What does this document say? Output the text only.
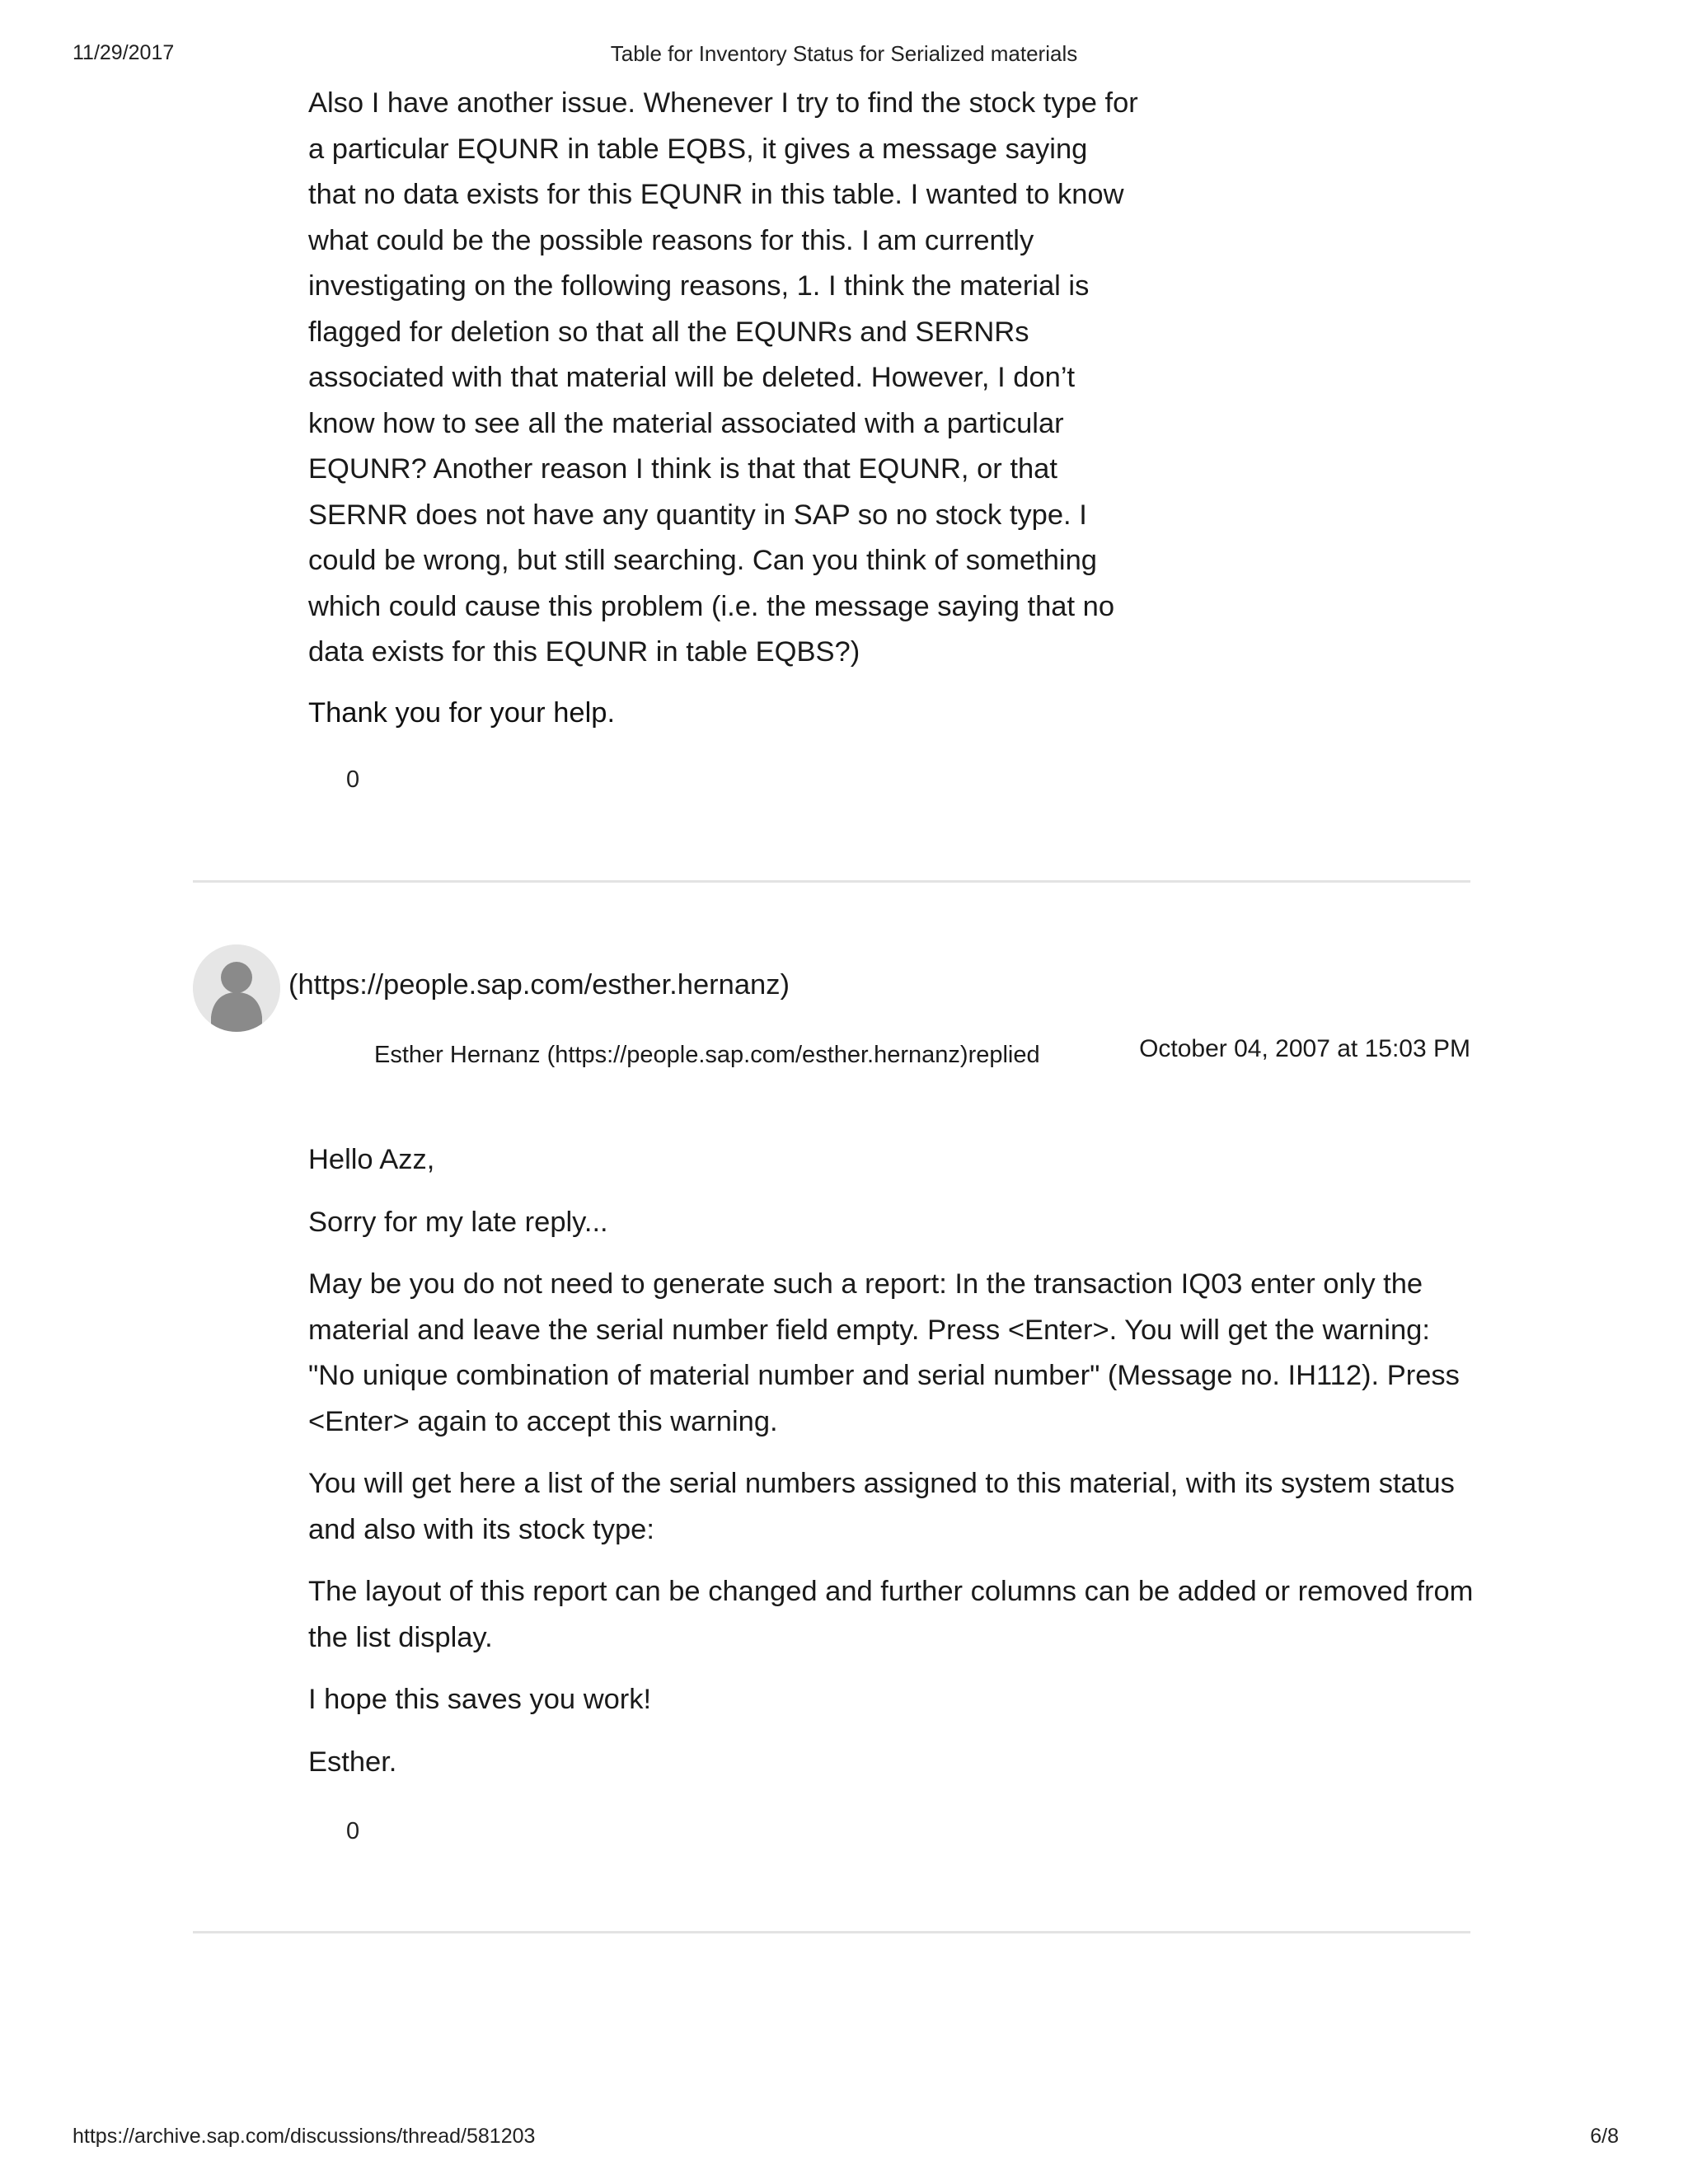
11/29/2017	Table for Inventory Status for Serialized materials

Also I have another issue. Whenever I try to find the stock type for a particular EQUNR in table EQBS, it gives a message saying that no data exists for this EQUNR in this table. I wanted to know what could be the possible reasons for this. I am currently investigating on the following reasons, 1. I think the material is flagged for deletion so that all the EQUNRs and SERNRs associated with that material will be deleted. However, I don’t know how to see all the material associated with a particular EQUNR? Another reason I think is that that EQUNR, or that SERNR does not have any quantity in SAP so no stock type. I could be wrong, but still searching. Can you think of something which could cause this problem (i.e. the message saying that no data exists for this EQUNR in table EQBS?)

Thank you for your help.
0
(https://people.sap.com/esther.hernanz)
Esther Hernanz (https://people.sap.com/esther.hernanz)replied	October 04, 2007 at 15:03 PM

Hello Azz,

Sorry for my late reply...

May be you do not need to generate such a report: In the transaction IQ03 enter only the material and leave the serial number field empty. Press <Enter>. You will get the warning: "No unique combination of material number and serial number" (Message no. IH112). Press <Enter> again to accept this warning.

You will get here a list of the serial numbers assigned to this material, with its system status and also with its stock type:

The layout of this report can be changed and further columns can be added or removed from the list display.

I hope this saves you work!

Esther.

0
https://archive.sap.com/discussions/thread/581203	6/8
